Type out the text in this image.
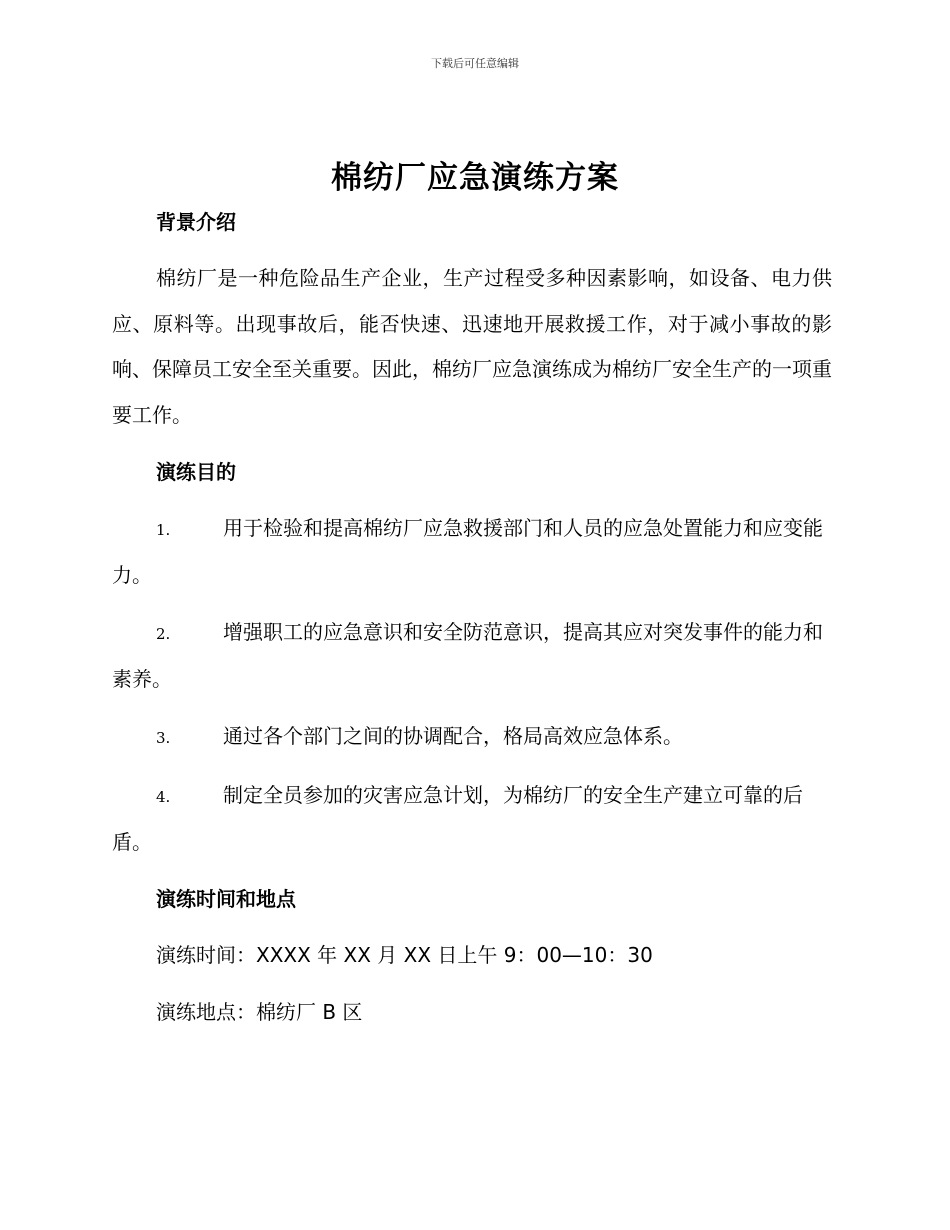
下载后可任意编辑
棉纺厂应急演练方案
背景介绍

棉纺厂是一种危险品生产企业，生产过程受多种因素影响，如设备、电力供应、原料等。出现事故后，能否快速、迅速地开展救援工作，对于减小事故的影响、保障员工安全至关重要。因此，棉纺厂应急演练成为棉纺厂安全生产的一项重要工作。

演练目的

1.	用于检验和提高棉纺厂应急救援部门和人员的应急处置能力和应变能力。

2.	增强职工的应急意识和安全防范意识，提高其应对突发事件的能力和素养。

3.	通过各个部门之间的协调配合，格局高效应急体系。

4.	制定全员参加的灾害应急计划，为棉纺厂的安全生产建立可靠的后盾。

演练时间和地点
演练时间：XXXX 年 XX 月 XX 日上午 9：00—10：30
演练地点：棉纺厂 B 区
